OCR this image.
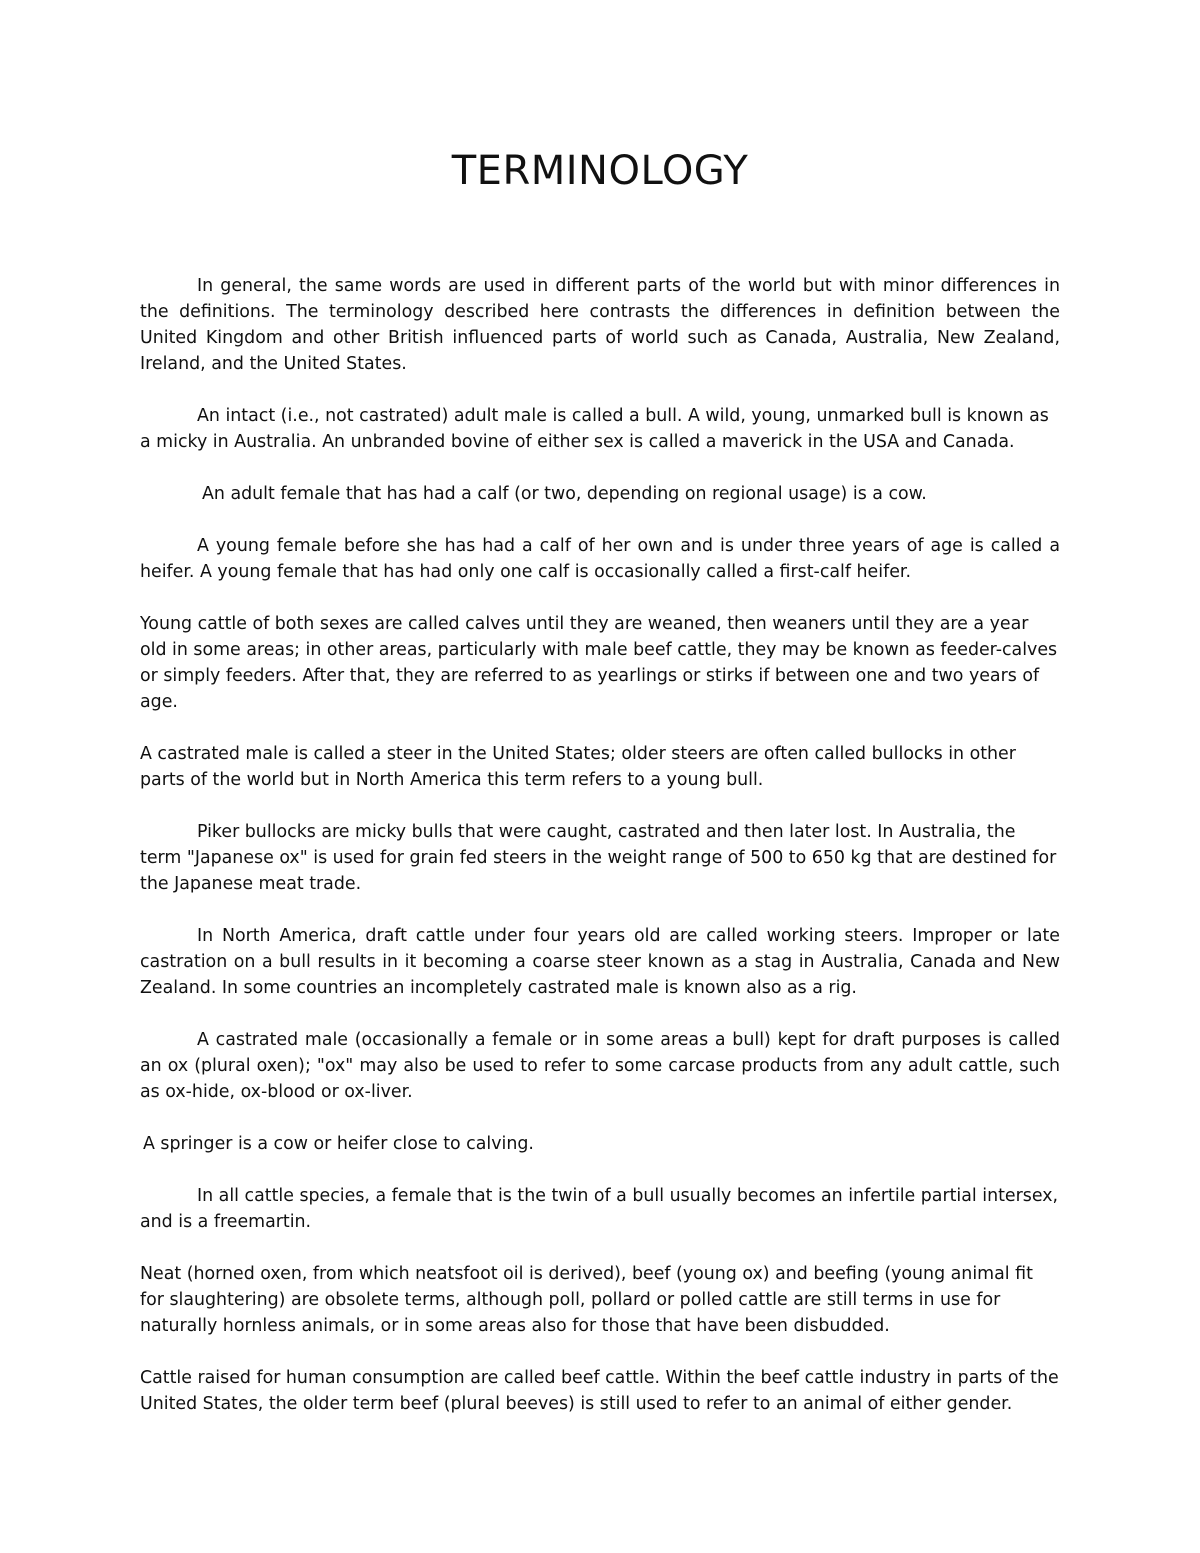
TERMINOLOGY

In general, the same words are used in different parts of the world but with minor differences in the definitions. The terminology described here contrasts the differences in definition between the United Kingdom and other British influenced parts of world such as Canada, Australia, New Zealand, Ireland, and the United States.

An intact (i.e., not castrated) adult male is called a bull. A wild, young, unmarked bull is known as a micky in Australia. An unbranded bovine of either sex is called a maverick in the USA and Canada.

An adult female that has had a calf (or two, depending on regional usage) is a cow.

A young female before she has had a calf of her own and is under three years of age is called a heifer. A young female that has had only one calf is occasionally called a first-calf heifer.

Young cattle of both sexes are called calves until they are weaned, then weaners until they are a year old in some areas; in other areas, particularly with male beef cattle, they may be known as feeder-calves or simply feeders. After that, they are referred to as yearlings or stirks if between one and two years of age.

A castrated male is called a steer in the United States; older steers are often called bullocks in other parts of the world but in North America this term refers to a young bull.

Piker bullocks are micky bulls that were caught, castrated and then later lost. In Australia, the term "Japanese ox" is used for grain fed steers in the weight range of 500 to 650 kg that are destined for the Japanese meat trade.

In North America, draft cattle under four years old are called working steers. Improper or late castration on a bull results in it becoming a coarse steer known as a stag in Australia, Canada and New Zealand. In some countries an incompletely castrated male is known also as a rig.

A castrated male (occasionally a female or in some areas a bull) kept for draft purposes is called an ox (plural oxen); "ox" may also be used to refer to some carcase products from any adult cattle, such as ox-hide, ox-blood or ox-liver.

A springer is a cow or heifer close to calving.

In all cattle species, a female that is the twin of a bull usually becomes an infertile partial intersex, and is a freemartin.

Neat (horned oxen, from which neatsfoot oil is derived), beef (young ox) and beefing (young animal fit for slaughtering) are obsolete terms, although poll, pollard or polled cattle are still terms in use for naturally hornless animals, or in some areas also for those that have been disbudded.

Cattle raised for human consumption are called beef cattle. Within the beef cattle industry in parts of the United States, the older term beef (plural beeves) is still used to refer to an animal of either gender.
